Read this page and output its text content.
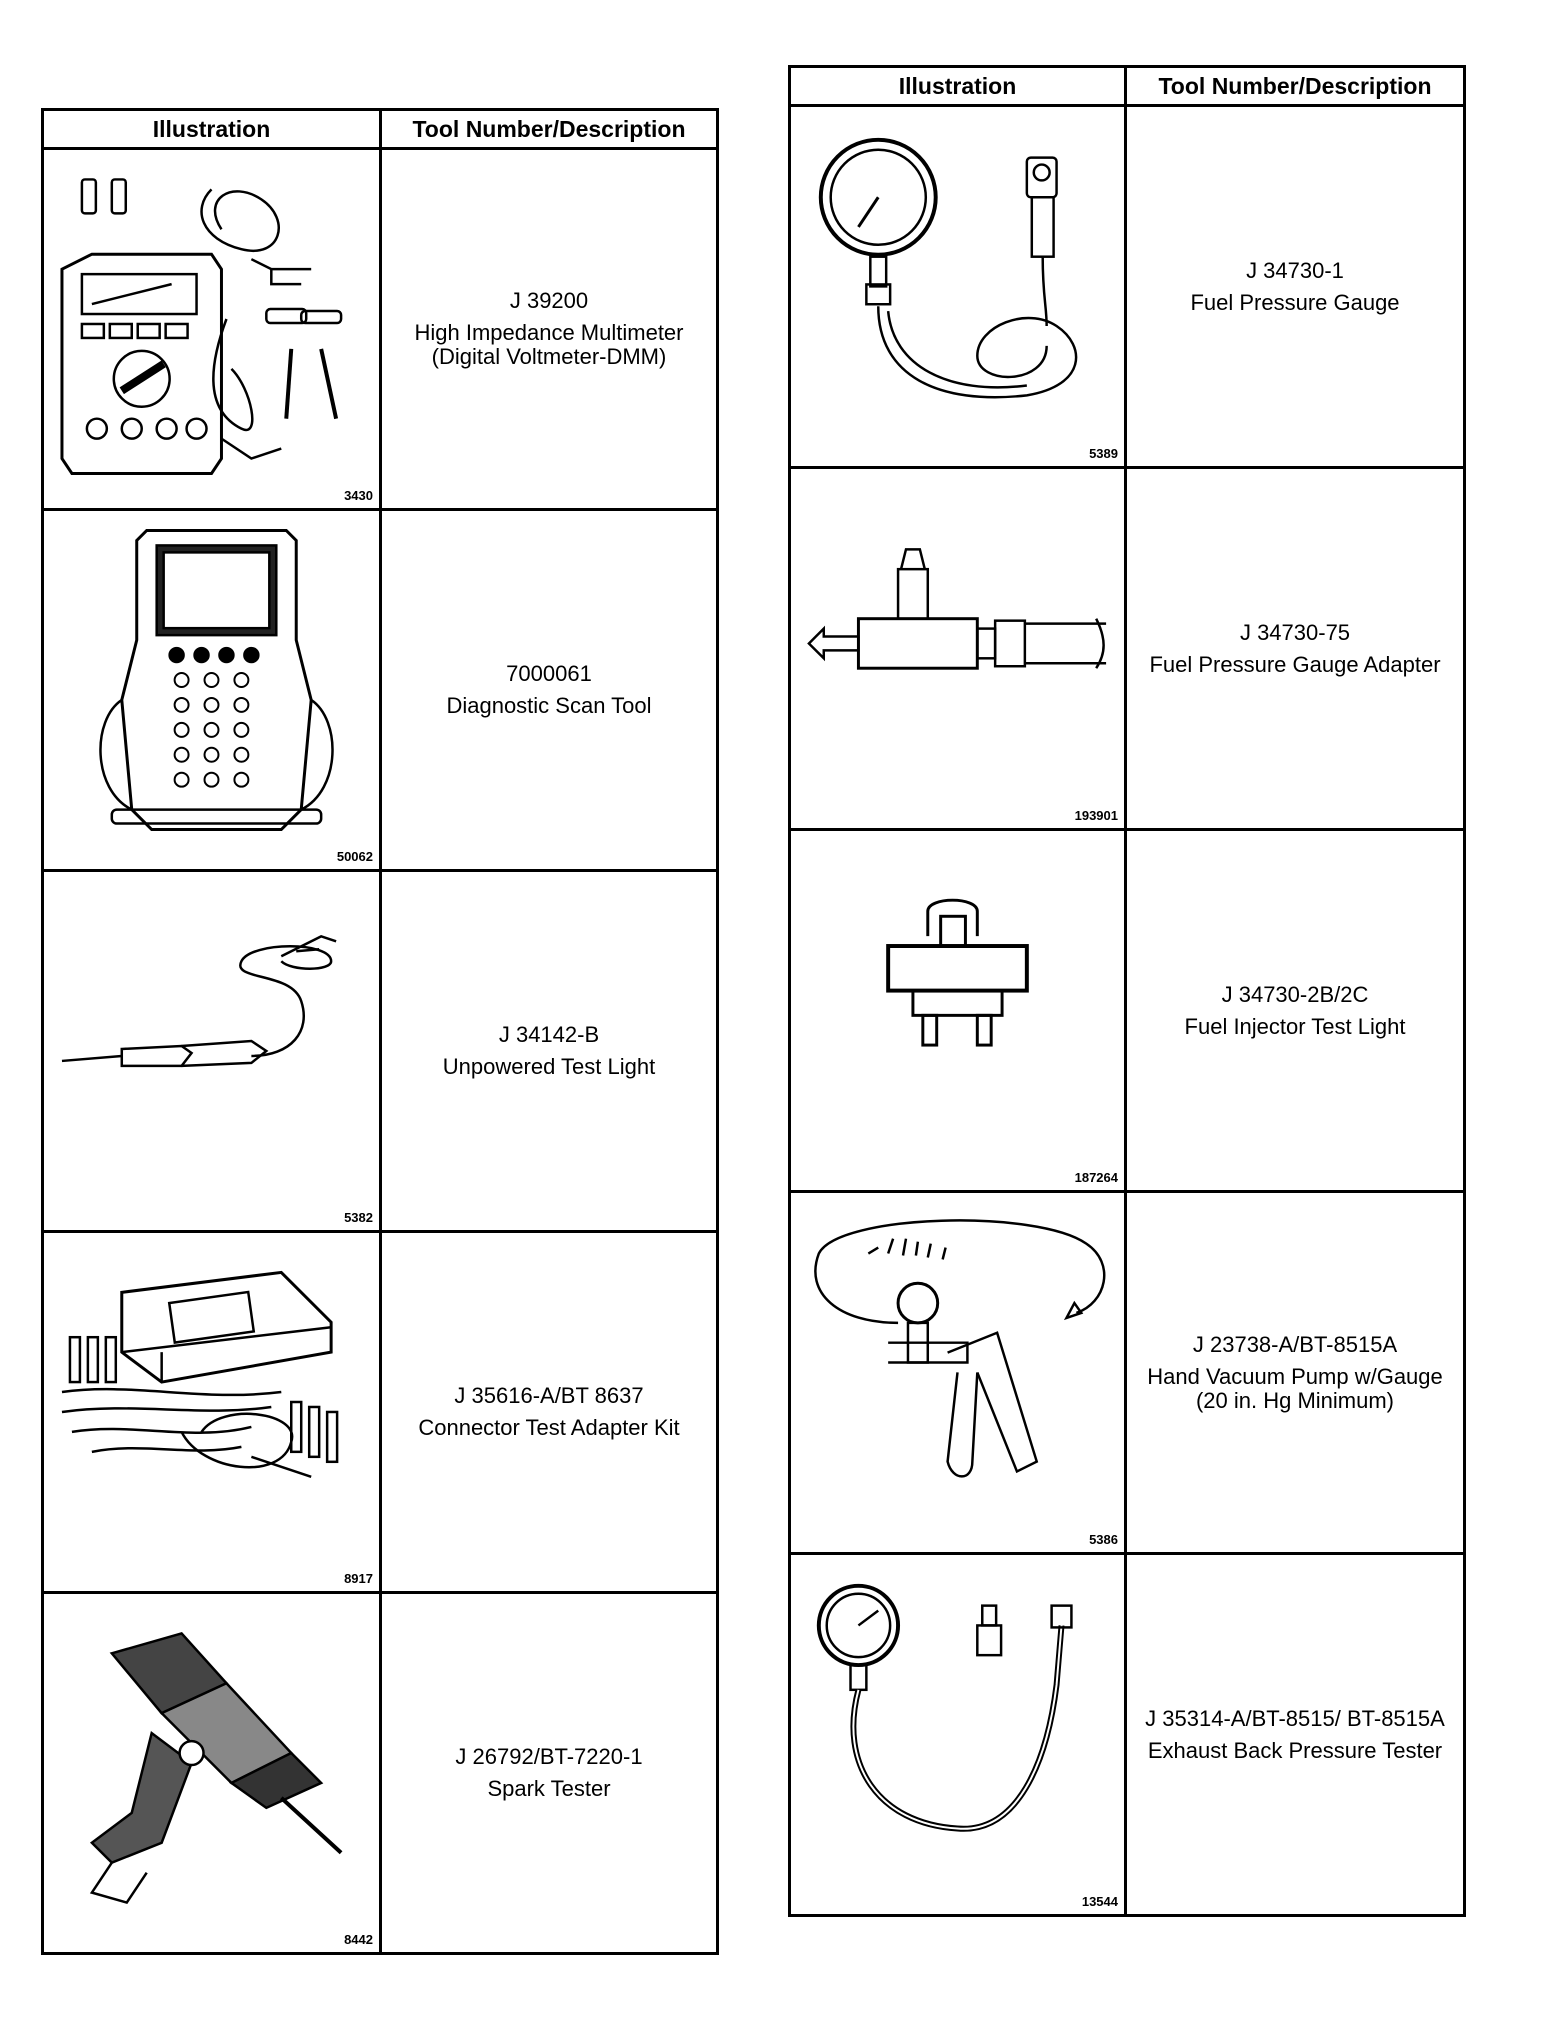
Illustration	Tool Number/Description

3430	J 39200
High Impedance Multimeter (Digital Voltmeter-DMM)

50062	7000061
Diagnostic Scan Tool

5382	J 34142-B
Unpowered Test Light

8917	J 35616-A/BT 8637
Connector Test Adapter Kit

8442	J 26792/BT-7220-1
Spark Tester
Illustration	Tool Number/Description

5389	J 34730-1
Fuel Pressure Gauge

193901	J 34730-75
Fuel Pressure Gauge Adapter

187264	J 34730-2B/2C
Fuel Injector Test Light

5386	J 23738-A/BT-8515A
Hand Vacuum Pump w/Gauge (20 in. Hg Minimum)

13544	J 35314-A/BT-8515/ BT-8515A
Exhaust Back Pressure Tester
